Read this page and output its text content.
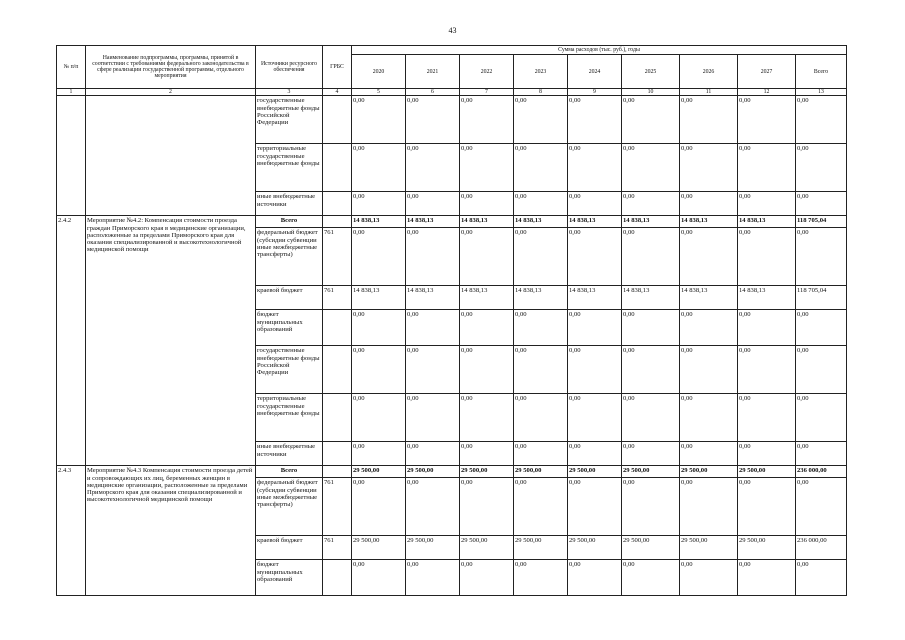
43
№ п/п	Наименование подпрограммы, программы, принятой в соответствии с требованиями федерального законодательства в сфере реализации государственной программы, отдельного мероприятия	Источники ресурсного обеспечения	ГРБС	Сумма расходов (тыс. руб.), годы								
				2020	2021	2022	2023	2024	2025	2026	2027	Всего
1	2	3	4	5	6	7	8	9	10	11	12	13
		государственные внебюджетные фонды Российской Федерации		0,00	0,00	0,00	0,00	0,00	0,00	0,00	0,00	0,00
		территориальные государственные внебюджетные фонды		0,00	0,00	0,00	0,00	0,00	0,00	0,00	0,00	0,00
		иные внебюджетные источники		0,00	0,00	0,00	0,00	0,00	0,00	0,00	0,00	0,00
2.4.2	Мероприятие №4.2: Компенсация стоимости проезда граждан Приморского края в медицинские организации, расположенные за пределами Приморского края для оказания специализированной и высокотехнологичной медицинской помощи	Всего		14 838,13	14 838,13	14 838,13	14 838,13	14 838,13	14 838,13	14 838,13	14 838,13	118 705,04
		федеральный бюджет (субсидии субвенции иные межбюджетные трансферты)	761	0,00	0,00	0,00	0,00	0,00	0,00	0,00	0,00	0,00
		краевой бюджет	761	14 838,13	14 838,13	14 838,13	14 838,13	14 838,13	14 838,13	14 838,13	14 838,13	118 705,04
		бюджет муниципальных образований		0,00	0,00	0,00	0,00	0,00	0,00	0,00	0,00	0,00
		государственные внебюджетные фонды Российской Федерации		0,00	0,00	0,00	0,00	0,00	0,00	0,00	0,00	0,00
		территориальные государственные внебюджетные фонды		0,00	0,00	0,00	0,00	0,00	0,00	0,00	0,00	0,00
		иные внебюджетные источники		0,00	0,00	0,00	0,00	0,00	0,00	0,00	0,00	0,00
2.4.3	Мероприятие №4.3 Компенсация стоимости проезда детей и сопровождающих их лиц, беременных женщин в медицинские организации, расположенные за пределами Приморского края для оказания специализированной и высокотехнологичной медицинской помощи	Всего		29 500,00	29 500,00	29 500,00	29 500,00	29 500,00	29 500,00	29 500,00	29 500,00	236 000,00
		федеральный бюджет (субсидии субвенции иные межбюджетные трансферты)	761	0,00	0,00	0,00	0,00	0,00	0,00	0,00	0,00	0,00
		краевой бюджет	761	29 500,00	29 500,00	29 500,00	29 500,00	29 500,00	29 500,00	29 500,00	29 500,00	236 000,00
		бюджет муниципальных образований		0,00	0,00	0,00	0,00	0,00	0,00	0,00	0,00	0,00
